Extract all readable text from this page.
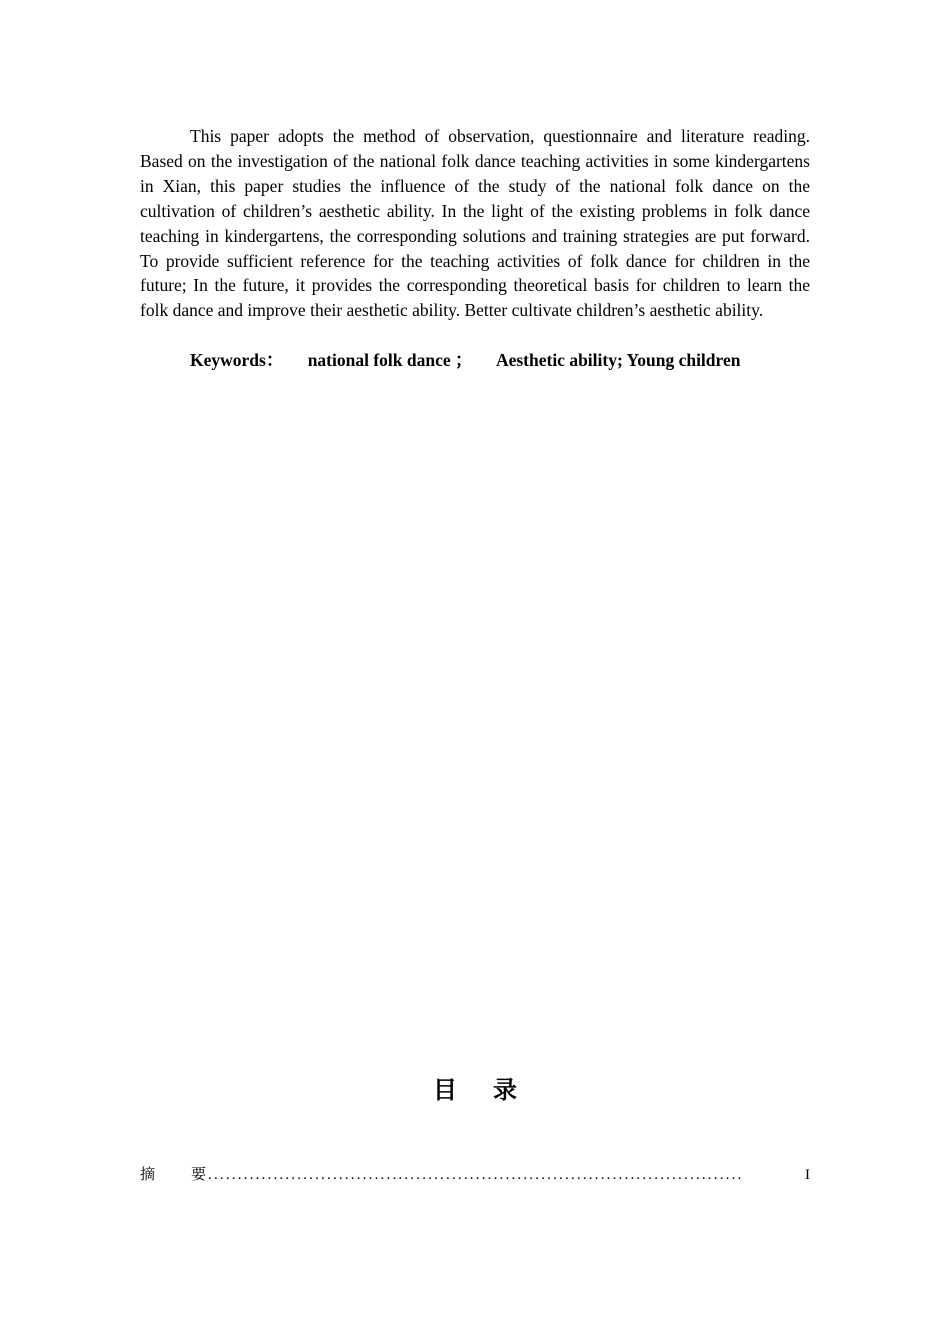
This paper adopts the method of observation, questionnaire and literature reading. Based on the investigation of the national folk dance teaching activities in some kindergartens in Xian, this paper studies the influence of the study of the national folk dance on the cultivation of children’s aesthetic ability. In the light of the existing problems in folk dance teaching in kindergartens, the corresponding solutions and training strategies are put forward. To provide sufficient reference for the teaching activities of folk dance for children in the future; In the future, it provides the corresponding theoretical basis for children to learn the folk dance and improve their aesthetic ability. Better cultivate children’s aesthetic ability.

Keywords： national folk dance ； Aesthetic ability; Young children

目 录
摘 要 ..........................................................................................	I
